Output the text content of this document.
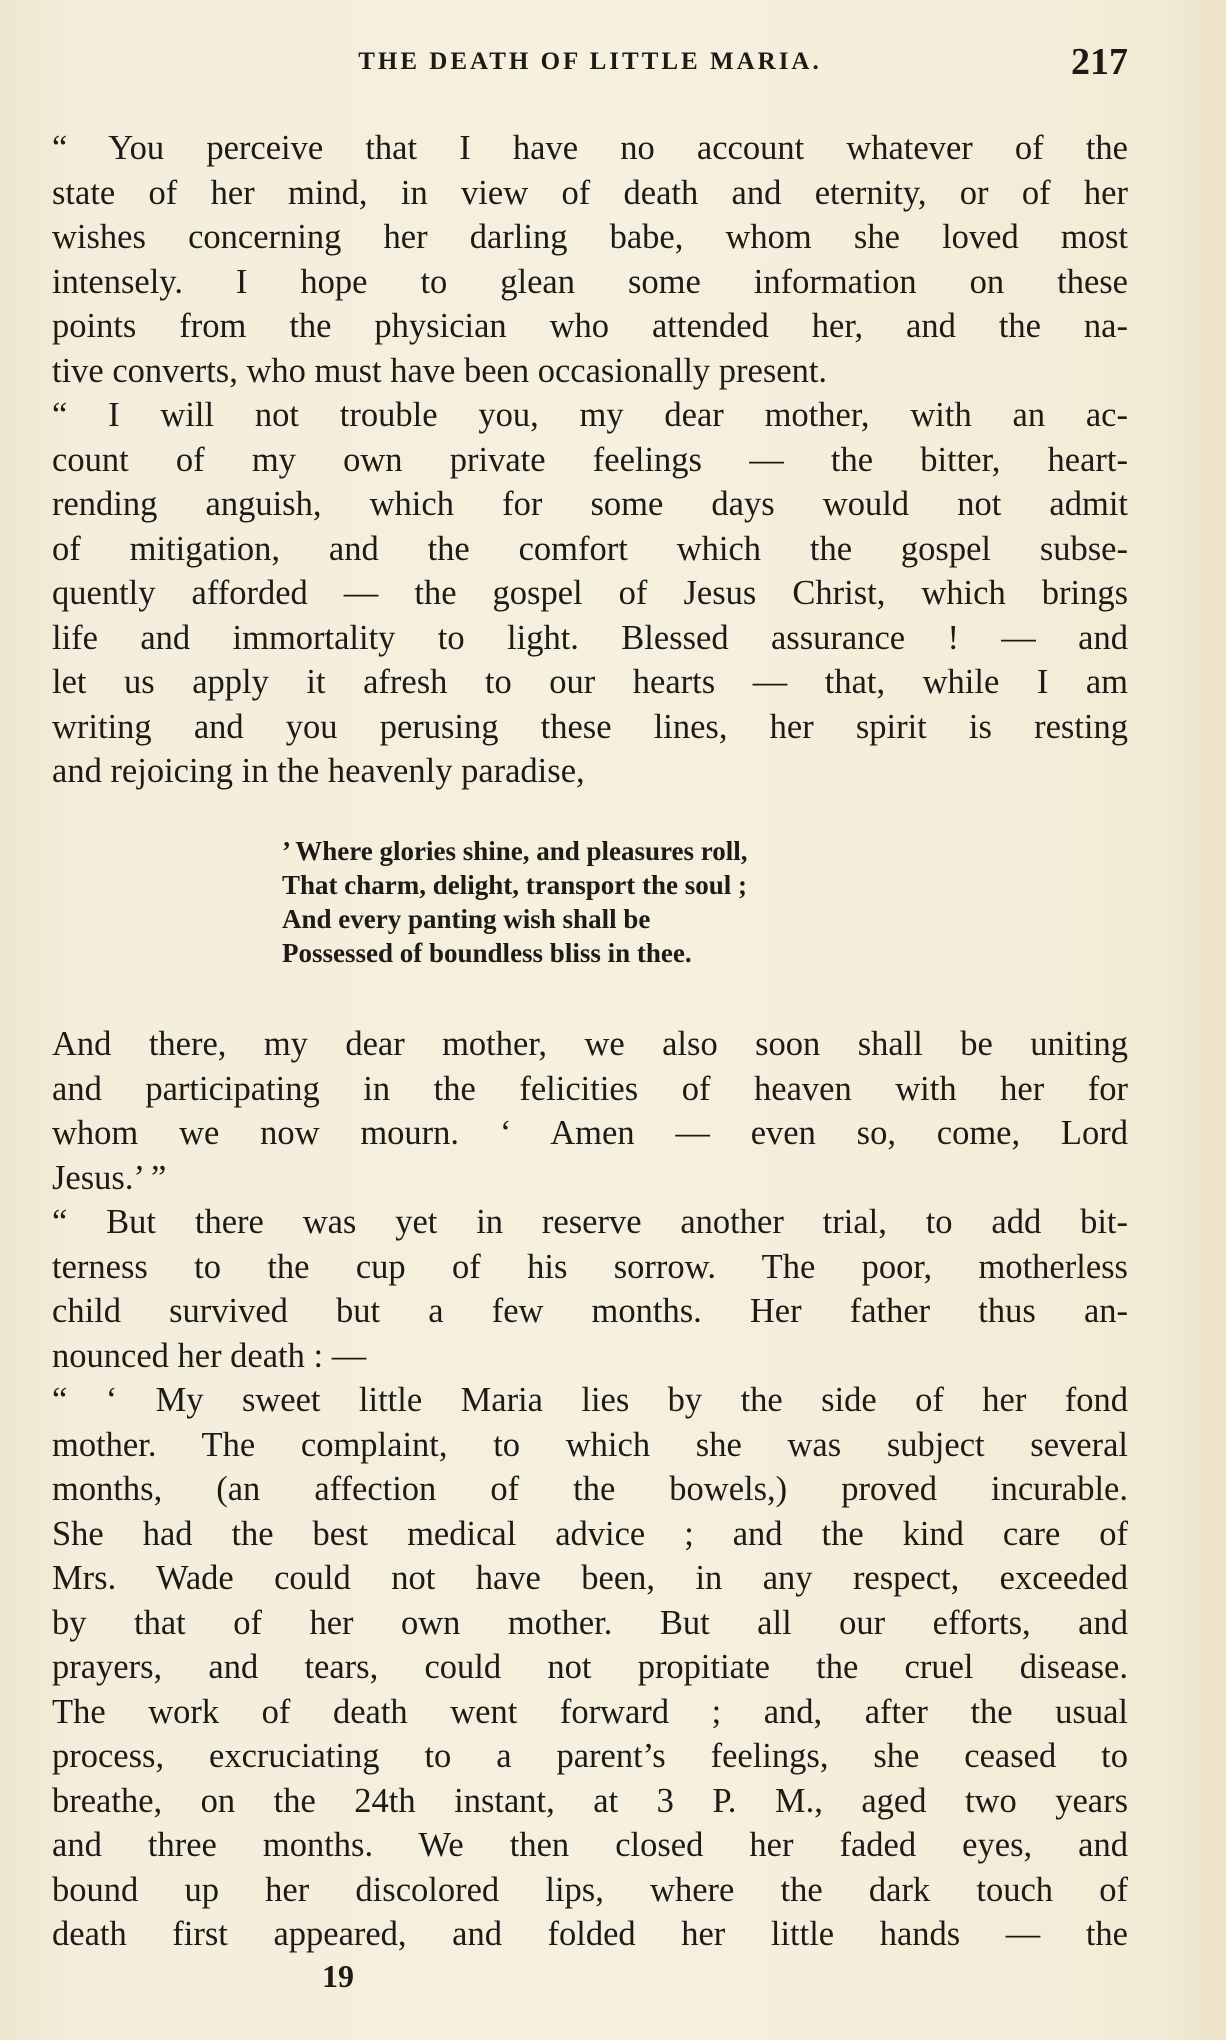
THE DEATH OF LITTLE MARIA.	217
“ You perceive that I have no account whatever of the
state of her mind, in view of death and eternity, or of her
wishes concerning her darling babe, whom she loved most
intensely. I hope to glean some information on these
points from the physician who attended her, and the na-
tive converts, who must have been occasionally present.
“ I will not trouble you, my dear mother, with an ac-
count of my own private feelings — the bitter, heart-
rending anguish, which for some days would not admit
of mitigation, and the comfort which the gospel subse-
quently afforded — the gospel of Jesus Christ, which brings
life and immortality to light. Blessed assurance ! — and
let us apply it afresh to our hearts — that, while I am
writing and you perusing these lines, her spirit is resting
and rejoicing in the heavenly paradise,
’ Where glories shine, and pleasures roll,
That charm, delight, transport the soul ;
And every panting wish shall be
Possessed of boundless bliss in thee.
And there, my dear mother, we also soon shall be uniting
and participating in the felicities of heaven with her for
whom we now mourn. ‘ Amen — even so, come, Lord
Jesus.’ ”
“ But there was yet in reserve another trial, to add bit-
terness to the cup of his sorrow. The poor, motherless
child survived but a few months. Her father thus an-
nounced her death : —
“ ‘ My sweet little Maria lies by the side of her fond
mother. The complaint, to which she was subject several
months, (an affection of the bowels,) proved incurable.
She had the best medical advice ; and the kind care of
Mrs. Wade could not have been, in any respect, exceeded
by that of her own mother. But all our efforts, and
prayers, and tears, could not propitiate the cruel disease.
The work of death went forward ; and, after the usual
process, excruciating to a parent’s feelings, she ceased to
breathe, on the 24th instant, at 3 P. M., aged two years
and three months. We then closed her faded eyes, and
bound up her discolored lips, where the dark touch of
death first appeared, and folded her little hands — the
19
